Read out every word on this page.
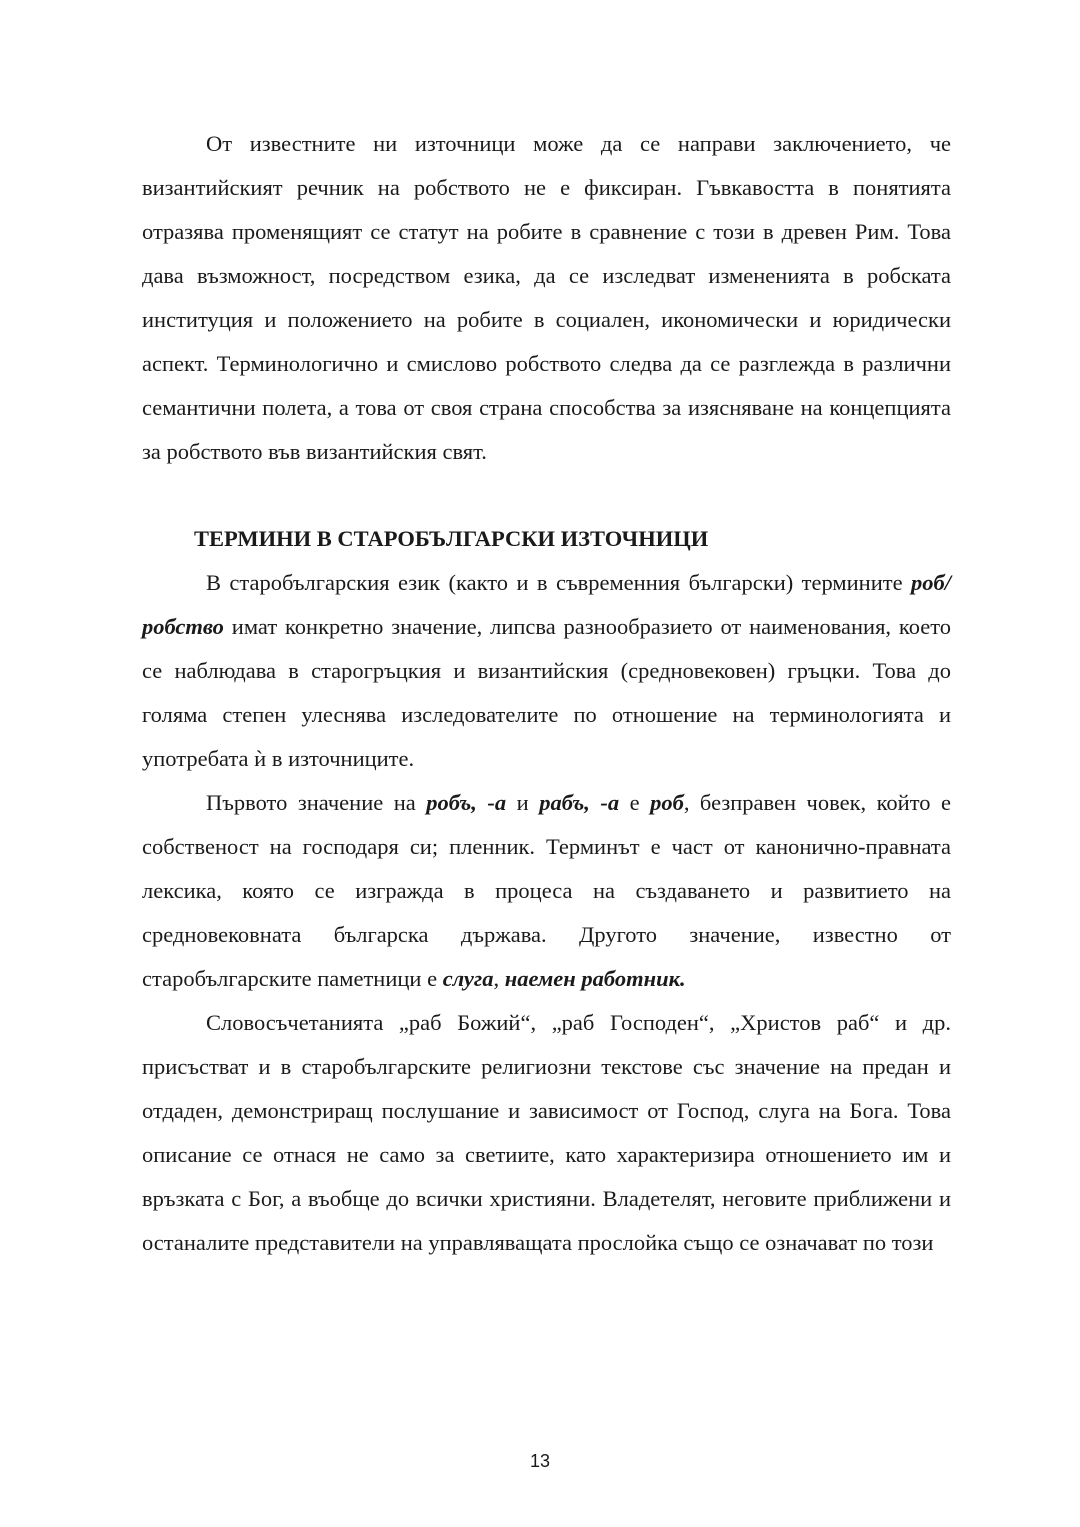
От известните ни източници може да се направи заключението, че византийският речник на робството не е фиксиран. Гъвкавостта в понятията отразява променящият се статут на робите в сравнение с този в древен Рим. Това дава възможност, посредством езика, да се изследват измененията в робската институция и положението на робите в социален, икономически и юридически аспект. Терминологично и смислово робството следва да се разглежда в различни семантични полета, а това от своя страна способства за изясняване на концепцията за робството във византийския свят.

ТЕРМИНИ В СТАРОБЪЛГАРСКИ ИЗТОЧНИЦИ

В старобългарския език (както и в съвременния български) термините роб/робство имат конкретно значение, липсва разнообразието от наименования, което се наблюдава в старогръцкия и византийския (средновековен) гръцки. Това до голяма степен улеснява изследователите по отношение на терминологията и употребата ѝ в източниците.

Първото значение на робъ, -а и рабъ, -а е роб, безправен човек, който е собственост на господаря си; пленник. Терминът е част от канонично-правната лексика, която се изгражда в процеса на създаването и развитието на средновековната българска държава. Другото значение, известно от старобългарските паметници е слуга, наемен работник.

Словосъчетанията „раб Божий“, „раб Господен“, „Христов раб“ и др. присъстват и в старобългарските религиозни текстове със значение на предан и отдаден, демонстриращ послушание и зависимост от Господ, слуга на Бога. Това описание се отнася не само за светиите, като характеризира отношението им и връзката с Бог, а въобще до всички християни. Владетелят, неговите приближени и останалите представители на управляващата прослойка също се означават по този

13
